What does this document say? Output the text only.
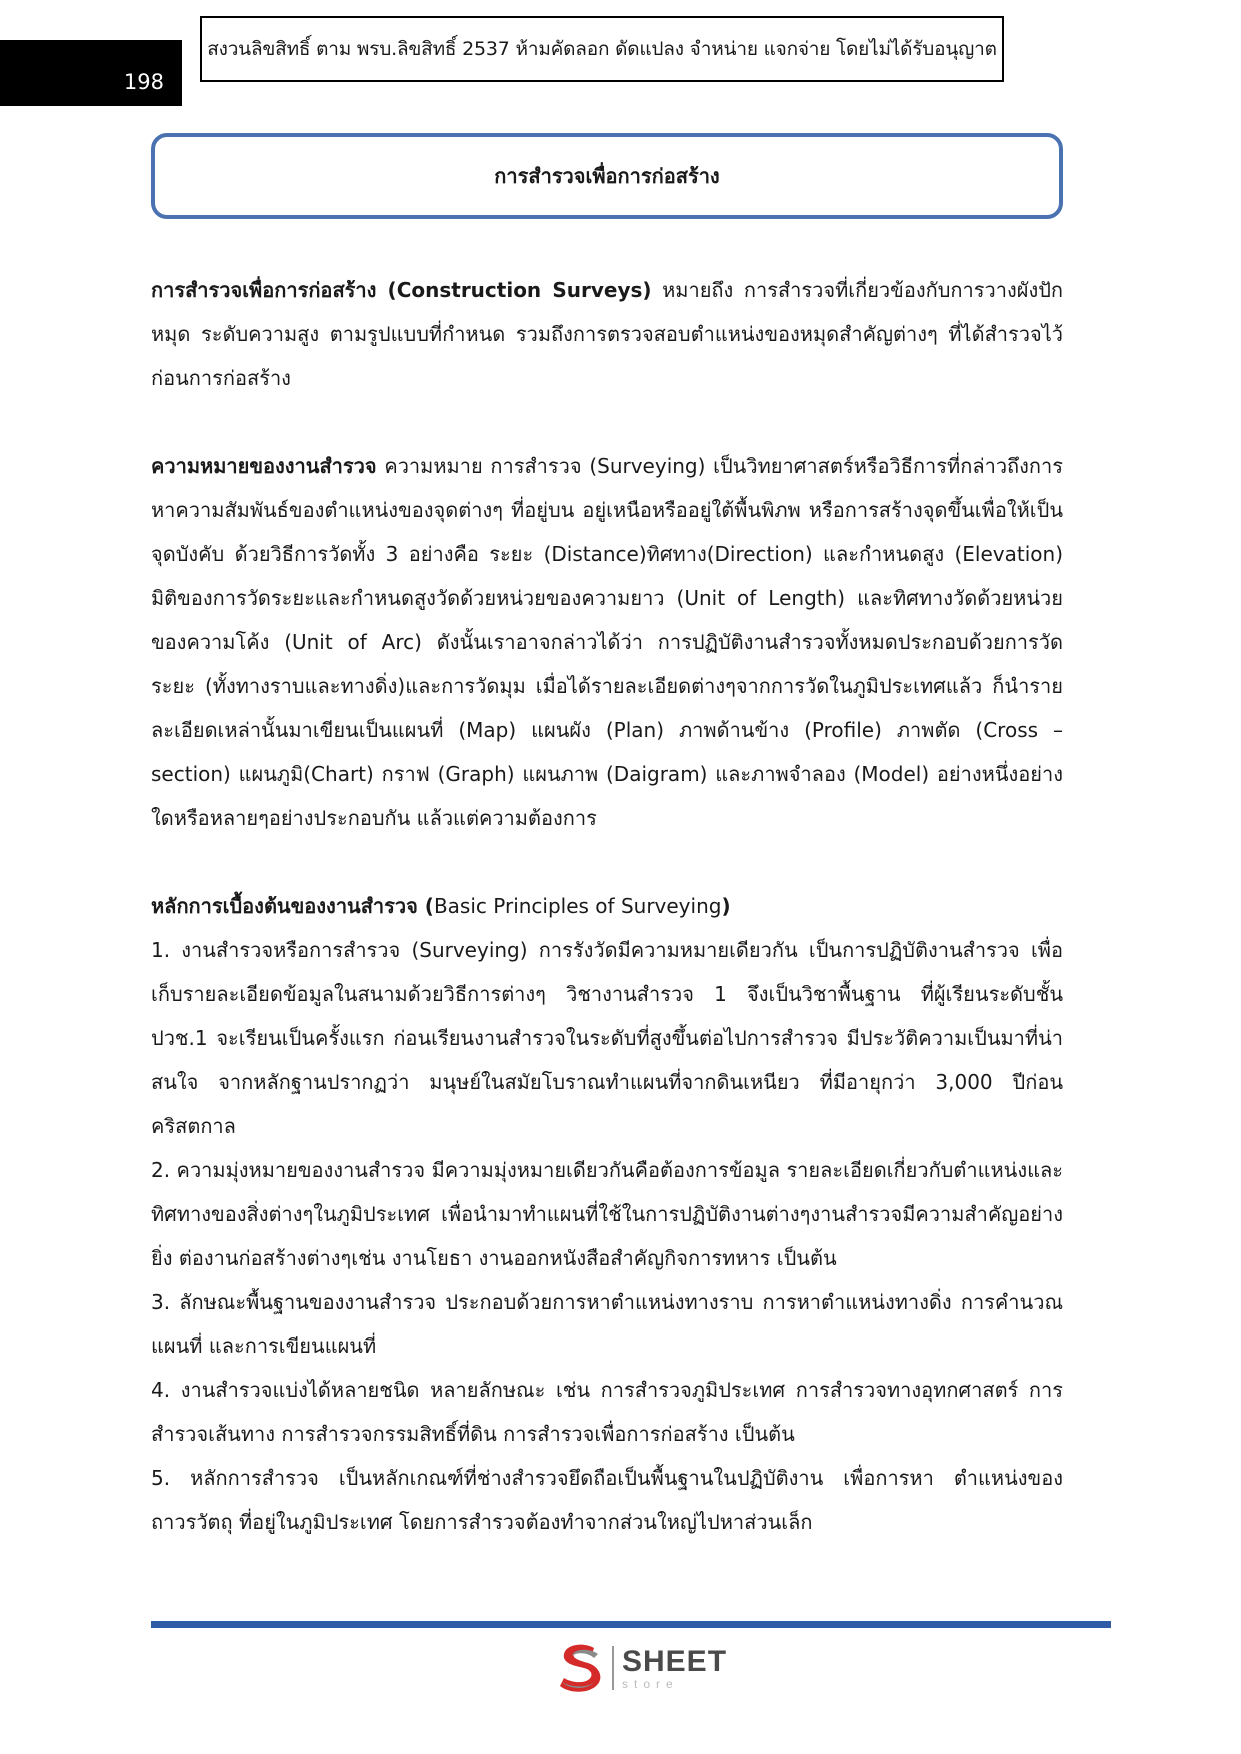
198
สงวนลิขสิทธิ์ ตาม พรบ.ลิขสิทธิ์ 2537 ห้ามคัดลอก ดัดแปลง จำหน่าย แจกจ่าย โดยไม่ได้รับอนุญาต
การสำรวจเพื่อการก่อสร้าง

การสำรวจเพื่อการก่อสร้าง (Construction Surveys) หมายถึง การสำรวจที่เกี่ยวข้องกับการวางผังปักหมุด ระดับความสูง ตามรูปแบบที่กำหนด รวมถึงการตรวจสอบตำแหน่งของหมุดสำคัญต่างๆ ที่ได้สำรวจไว้ก่อนการก่อสร้าง

ความหมายของงานสำรวจ ความหมาย การสำรวจ (Surveying) เป็นวิทยาศาสตร์หรือวิธีการที่กล่าวถึงการหาความสัมพันธ์ของตำแหน่งของจุดต่างๆ ที่อยู่บน อยู่เหนือหรืออยู่ใต้พื้นพิภพ หรือการสร้างจุดขึ้นเพื่อให้เป็นจุดบังคับ ด้วยวิธีการวัดทั้ง 3 อย่างคือ ระยะ (Distance)ทิศทาง(Direction) และกำหนดสูง (Elevation) มิติของการวัดระยะและกำหนดสูงวัดด้วยหน่วยของความยาว (Unit of Length) และทิศทางวัดด้วยหน่วยของความโค้ง (Unit of Arc) ดังนั้นเราอาจกล่าวได้ว่า การปฏิบัติงานสำรวจทั้งหมดประกอบด้วยการวัดระยะ (ทั้งทางราบและทางดิ่ง)และการวัดมุม เมื่อได้รายละเอียดต่างๆจากการวัดในภูมิประเทศแล้ว ก็นำรายละเอียดเหล่านั้นมาเขียนเป็นแผนที่ (Map) แผนผัง (Plan) ภาพด้านข้าง (Profile) ภาพตัด (Cross – section) แผนภูมิ(Chart) กราฟ (Graph) แผนภาพ (Daigram) และภาพจำลอง (Model) อย่างหนึ่งอย่างใดหรือหลายๆอย่างประกอบกัน แล้วแต่ความต้องการ

หลักการเบื้องต้นของงานสำรวจ (Basic Principles of Surveying)

1. งานสำรวจหรือการสำรวจ (Surveying) การรังวัดมีความหมายเดียวกัน เป็นการปฏิบัติงานสำรวจ เพื่อเก็บรายละเอียดข้อมูลในสนามด้วยวิธีการต่างๆ วิชางานสำรวจ 1 จึงเป็นวิชาพื้นฐาน ที่ผู้เรียนระดับชั้น ปวช.1 จะเรียนเป็นครั้งแรก ก่อนเรียนงานสำรวจในระดับที่สูงขึ้นต่อไปการสำรวจ มีประวัติความเป็นมาที่น่าสนใจ จากหลักฐานปรากฏว่า มนุษย์ในสมัยโบราณทำแผนที่จากดินเหนียว ที่มีอายุกว่า 3,000 ปีก่อนคริสตกาล

2. ความมุ่งหมายของงานสำรวจ มีความมุ่งหมายเดียวกันคือต้องการข้อมูล รายละเอียดเกี่ยวกับตำแหน่งและทิศทางของสิ่งต่างๆในภูมิประเทศ เพื่อนำมาทำแผนที่ใช้ในการปฏิบัติงานต่างๆงานสำรวจมีความสำคัญอย่างยิ่ง ต่องานก่อสร้างต่างๆเช่น งานโยธา งานออกหนังสือสำคัญกิจการทหาร เป็นต้น

3. ลักษณะพื้นฐานของงานสำรวจ ประกอบด้วยการหาตำแหน่งทางราบ การหาตำแหน่งทางดิ่ง การคำนวณแผนที่ และการเขียนแผนที่

4. งานสำรวจแบ่งได้หลายชนิด หลายลักษณะ เช่น การสำรวจภูมิประเทศ การสำรวจทางอุทกศาสตร์ การสำรวจเส้นทาง การสำรวจกรรมสิทธิ์ที่ดิน การสำรวจเพื่อการก่อสร้าง เป็นต้น

5. หลักการสำรวจ เป็นหลักเกณฑ์ที่ช่างสำรวจยึดถือเป็นพื้นฐานในปฏิบัติงาน เพื่อการหา ตำแหน่งของถาวรวัตถุ ที่อยู่ในภูมิประเทศ โดยการสำรวจต้องทำจากส่วนใหญ่ไปหาส่วนเล็ก

SHEET
store
